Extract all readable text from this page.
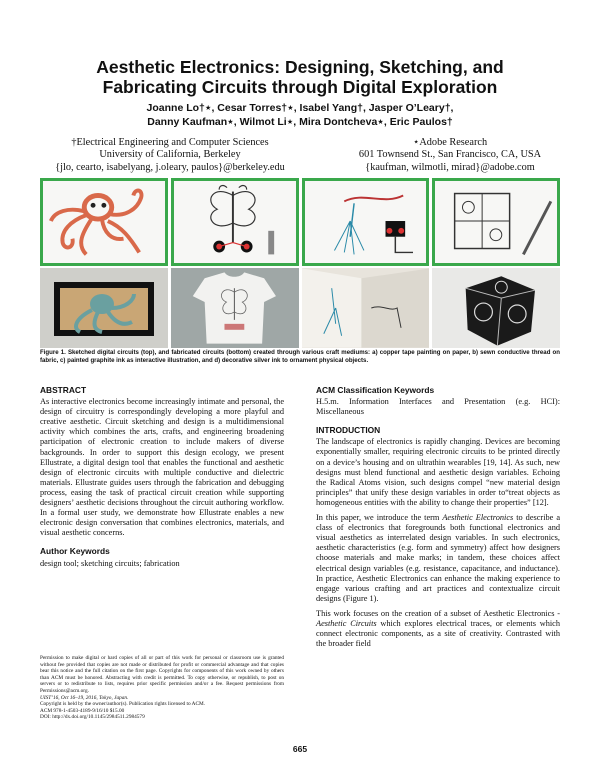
Aesthetic Electronics: Designing, Sketching, and
Fabricating Circuits through Digital Exploration
Joanne Lo†⋆, Cesar Torres†⋆, Isabel Yang†, Jasper O’Leary†,
Danny Kaufman⋆, Wilmot Li⋆, Mira Dontcheva⋆, Eric Paulos†
†Electrical Engineering and Computer Sciences
University of California, Berkeley
{jlo, cearto, isabelyang, j.oleary, paulos}@berkeley.edu
⋆Adobe Research
601 Townsend St., San Francisco, CA, USA
{kaufman, wilmotli, mirad}@adobe.com
Figure 1. Sketched digital circuits (top), and fabricated circuits (bottom) created through various craft mediums: a) copper tape painting on paper, b) sewn conductive thread on fabric, c) painted graphite ink as interactive illustration, and d) decorative silver ink to ornament physical objects.
ABSTRACT

As interactive electronics become increasingly intimate and personal, the design of circuitry is correspondingly developing a more playful and creative aesthetic. Circuit sketching and design is a multidimensional activity which combines the arts, crafts, and engineering broadening participation of electronic creation to include makers of diverse backgrounds. In order to support this design ecology, we present Ellustrate, a digital design tool that enables the functional and aesthetic design of electronic circuits with multiple conductive and dielectric materials. Ellustrate guides users through the fabrication and debugging process, easing the task of practical circuit creation while supporting designers’ aesthetic decisions throughout the circuit authoring workflow. In a formal user study, we demonstrate how Ellustrate enables a new electronic design conversation that combines electronics, materials, and visual aesthetic concerns.

Author Keywords

design tool; sketching circuits; fabrication

Permission to make digital or hard copies of all or part of this work for personal or classroom use is granted without fee provided that copies are not made or distributed for profit or commercial advantage and that copies bear this notice and the full citation on the first page. Copyrights for components of this work owned by others than ACM must be honored. Abstracting with credit is permitted. To copy otherwise, or republish, to post on servers or to redistribute to lists, requires prior specific permission and/or a fee. Request permissions from Permissions@acm.org.

UIST’16, Oct 16–19, 2016, Tokyo, Japan.

Copyright is held by the owner/author(s). Publication rights licensed to ACM.

ACM 978-1-4503-4189-9/16/10 $15.00

DOI: http://dx.doi.org/10.1145/2984511.2984579

ACM Classification Keywords

H.5.m. Information Interfaces and Presentation (e.g. HCI): Miscellaneous

INTRODUCTION

The landscape of electronics is rapidly changing. Devices are becoming exponentially smaller, requiring electronic circuits to be printed directly on a device’s housing and on ultrathin wearables [19, 14]. As such, new designs must blend functional and aesthetic design variables. Echoing the Radical Atoms vision, such designs compel “new material design principles” that unify these design variables in order to“treat objects as homogeneous entities with the ability to change their properties” [12].

In this paper, we introduce the term Aesthetic Electronics to describe a class of electronics that foregrounds both functional electronics and visual aesthetics as interrelated design variables. In such electronics, aesthetic characteristics (e.g. form and symmetry) affect how designers choose materials and make marks; in tandem, these choices affect electrical design variables (e.g. resistance, capacitance, and inductance). In practice, Aesthetic Electronics can enhance the making experience to engage various crafting and art practices and contextualize circuit designs (Figure 1).

This work focuses on the creation of a subset of Aesthetic Electronics - Aesthetic Circuits which explores electrical traces, or elements which connect electronic components, as a site of creativity. Contrasted with the broader field

665
